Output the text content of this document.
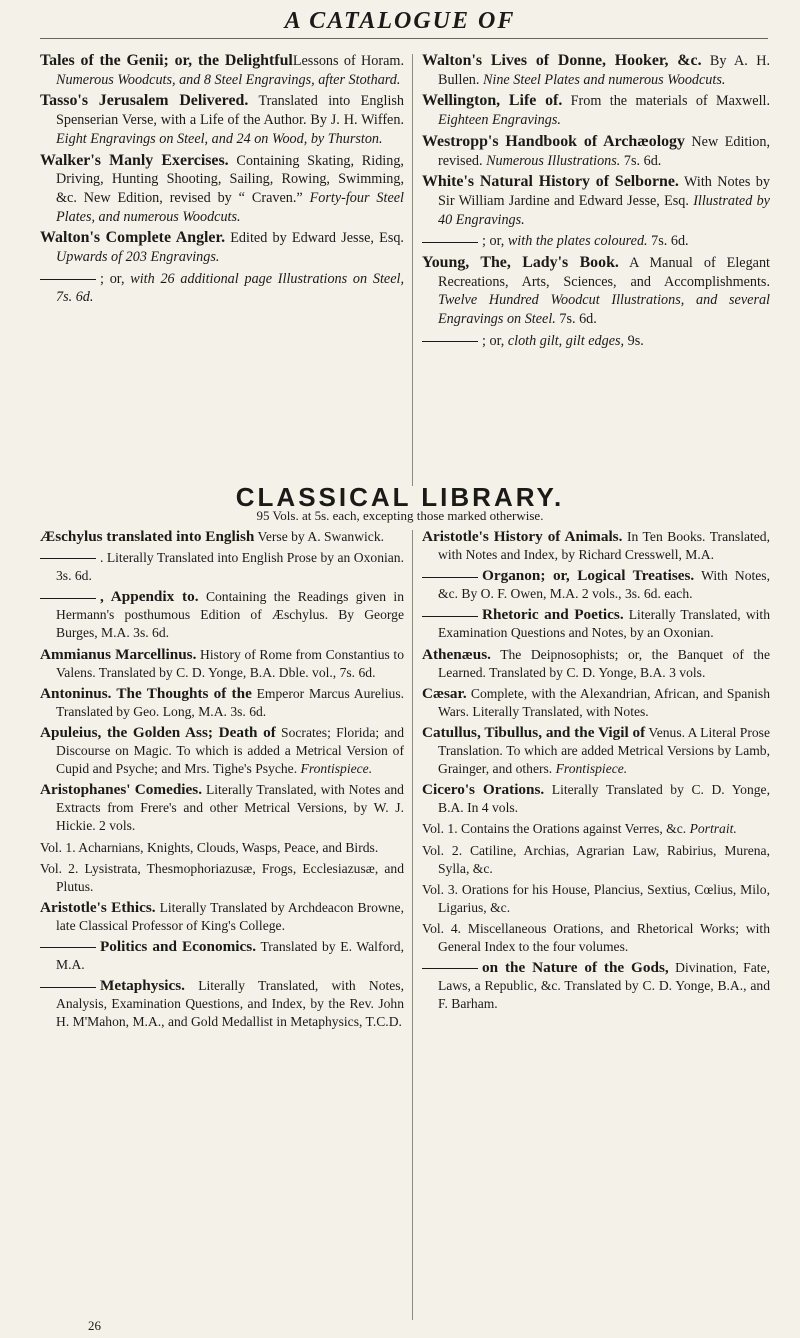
A CATALOGUE OF

Tales of the Genii; or, the DelightfulLessons of Horam. Numerous Woodcuts, and 8 Steel Engravings, after Stothard.

Tasso's Jerusalem Delivered. Translated into English Spenserian Verse, with a Life of the Author. By J. H. Wiffen. Eight Engravings on Steel, and 24 on Wood, by Thurston.

Walker's Manly Exercises. Containing Skating, Riding, Driving, Hunting Shooting, Sailing, Rowing, Swimming, &c. New Edition, revised by “ Craven.” Forty-four Steel Plates, and numerous Woodcuts.

Walton's Complete Angler. Edited by Edward Jesse, Esq. Upwards of 203 Engravings.

; or, with 26 additional page Illustrations on Steel, 7s. 6d.

Walton's Lives of Donne, Hooker, &c. By A. H. Bullen. Nine Steel Plates and numerous Woodcuts.

Wellington, Life of. From the materials of Maxwell. Eighteen Engravings.

Westropp's Handbook of Archæology New Edition, revised. Numerous Illustrations. 7s. 6d.

White's Natural History of Selborne. With Notes by Sir William Jardine and Edward Jesse, Esq. Illustrated by 40 Engravings.

; or, with the plates coloured. 7s. 6d.

Young, The, Lady's Book. A Manual of Elegant Recreations, Arts, Sciences, and Accomplishments. Twelve Hundred Woodcut Illustrations, and several Engravings on Steel. 7s. 6d.

; or, cloth gilt, gilt edges, 9s.

CLASSICAL LIBRARY.
95 Vols. at 5s. each, excepting those marked otherwise.

Æschylus translated into English Verse by A. Swanwick.

. Literally Translated into English Prose by an Oxonian. 3s. 6d.

, Appendix to. Containing the Readings given in Hermann's posthumous Edition of Æschylus. By George Burges, M.A. 3s. 6d.

Ammianus Marcellinus. History of Rome from Constantius to Valens. Translated by C. D. Yonge, B.A. Dble. vol., 7s. 6d.

Antoninus. The Thoughts of the Emperor Marcus Aurelius. Translated by Geo. Long, M.A. 3s. 6d.

Apuleius, the Golden Ass; Death of Socrates; Florida; and Discourse on Magic. To which is added a Metrical Version of Cupid and Psyche; and Mrs. Tighe's Psyche. Frontispiece.

Aristophanes' Comedies. Literally Translated, with Notes and Extracts from Frere's and other Metrical Versions, by W. J. Hickie. 2 vols.

Vol. 1. Acharnians, Knights, Clouds, Wasps, Peace, and Birds.

Vol. 2. Lysistrata, Thesmophoriazusæ, Frogs, Ecclesiazusæ, and Plutus.

Aristotle's Ethics. Literally Translated by Archdeacon Browne, late Classical Professor of King's College.

Politics and Economics. Translated by E. Walford, M.A.

Metaphysics. Literally Translated, with Notes, Analysis, Examination Questions, and Index, by the Rev. John H. M'Mahon, M.A., and Gold Medallist in Metaphysics, T.C.D.

Aristotle's History of Animals. In Ten Books. Translated, with Notes and Index, by Richard Cresswell, M.A.

Organon; or, Logical Treatises. With Notes, &c. By O. F. Owen, M.A. 2 vols., 3s. 6d. each.

Rhetoric and Poetics. Literally Translated, with Examination Questions and Notes, by an Oxonian.

Athenæus. The Deipnosophists; or, the Banquet of the Learned. Translated by C. D. Yonge, B.A. 3 vols.

Cæsar. Complete, with the Alexandrian, African, and Spanish Wars. Literally Translated, with Notes.

Catullus, Tibullus, and the Vigil of Venus. A Literal Prose Translation. To which are added Metrical Versions by Lamb, Grainger, and others. Frontispiece.

Cicero's Orations. Literally Translated by C. D. Yonge, B.A. In 4 vols.

Vol. 1. Contains the Orations against Verres, &c. Portrait.

Vol. 2. Catiline, Archias, Agrarian Law, Rabirius, Murena, Sylla, &c.

Vol. 3. Orations for his House, Plancius, Sextius, Cœlius, Milo, Ligarius, &c.

Vol. 4. Miscellaneous Orations, and Rhetorical Works; with General Index to the four volumes.

on the Nature of the Gods, Divination, Fate, Laws, a Republic, &c. Translated by C. D. Yonge, B.A., and F. Barham.

26
